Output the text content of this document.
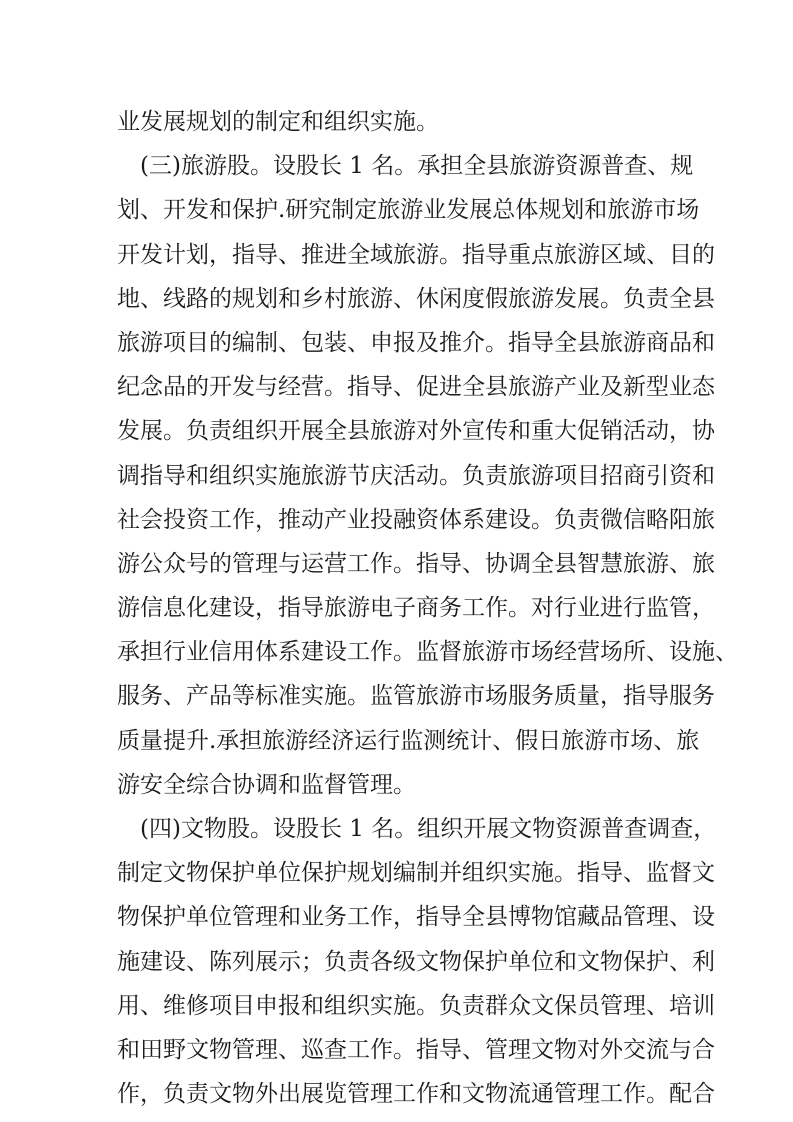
业发展规划的制定和组织实施。
　(三)旅游股。设股长 1 名。承担全县旅游资源普查、规
划、开发和保护.研究制定旅游业发展总体规划和旅游市场
开发计划，指导、推进全域旅游。指导重点旅游区域、目的
地、线路的规划和乡村旅游、休闲度假旅游发展。负责全县
旅游项目的编制、包装、申报及推介。指导全县旅游商品和
纪念品的开发与经营。指导、促进全县旅游产业及新型业态
发展。负责组织开展全县旅游对外宣传和重大促销活动，协
调指导和组织实施旅游节庆活动。负责旅游项目招商引资和
社会投资工作，推动产业投融资体系建设。负责微信略阳旅
游公众号的管理与运营工作。指导、协调全县智慧旅游、旅
游信息化建设，指导旅游电子商务工作。对行业进行监管，
承担行业信用体系建设工作。监督旅游市场经营场所、设施、
服务、产品等标准实施。监管旅游市场服务质量，指导服务
质量提升.承担旅游经济运行监测统计、假日旅游市场、旅
游安全综合协调和监督管理。
　(四)文物股。设股长 1 名。组织开展文物资源普查调查，
制定文物保护单位保护规划编制并组织实施。指导、监督文
物保护单位管理和业务工作，指导全县博物馆藏品管理、设
施建设、陈列展示；负责各级文物保护单位和文物保护、利
用、维修项目申报和组织实施。负责群众文保员管理、培训
和田野文物管理、巡查工作。指导、管理文物对外交流与合
作，负责文物外出展览管理工作和文物流通管理工作。配合
